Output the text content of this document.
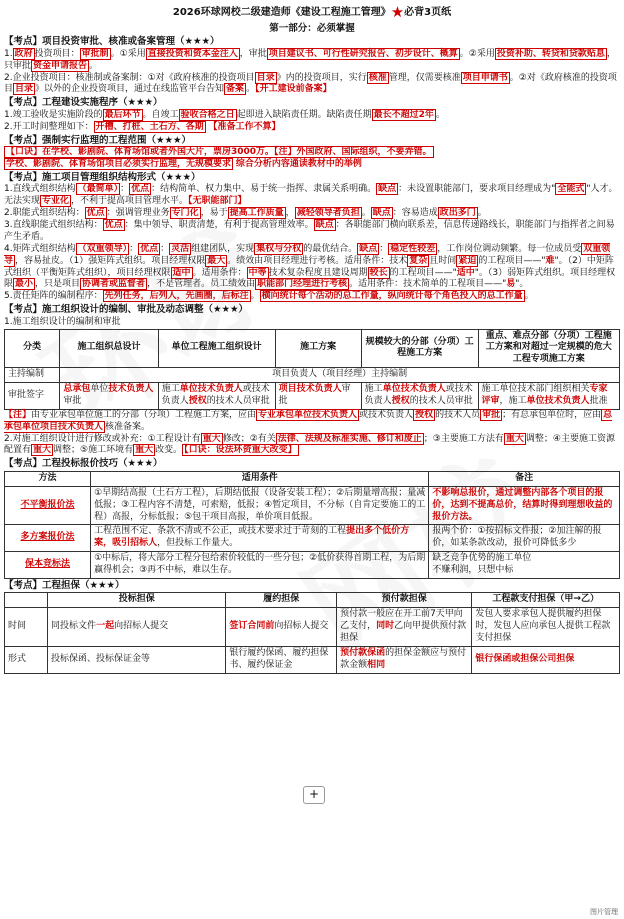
2026环球网校二级建造师《建设工程施工管理》★必背3页纸
第一部分：必须掌握
【考点】项目投资审批、核准或备案管理（★★★）

1. 政府 投资项目： 审批制 。①采用 直接投资和资本金注入 ，审批 项目建议书、可行性研究报告、初步设计、概算 。②采用 投资补助、转贷和贷款贴息 ，只审批 资金申请报告 。

2.企业投资项目：核准制或备案制：①对《政府核准的投资项目 目录 》内的投资项目，实行 核准 管理，仅需要核准 项目申请书 。②对《政府核准的投资项目 目录 》以外的企业投资项目，通过在线监管平台告知 备案 。【开工建设前备案】

【考点】工程建设实施程序（★★★）

1.竣工验收是实施阶段的 最后环节 。自竣工 验收合格之日 起即进入缺陷责任期。缺陷责任期 最长不超过2年 。

2.开工时间整理如下： 开槽、打桩、土石方、各期 【准备工作不算】

【考点】强制实行监理的工程范围（★★★）

【口诀】在学校、影剧院、体育场馆或者外国大片，票房3000万。【注】外国政府、国际组织，不要弄错。

学校、影剧院、体育场馆项目必须实行监理，无规模要求 综合分析内容通读教材中的举例

【考点】施工项目管理组织结构形式（★★★）

1.直线式组织结构 （最简单） ： 优点 ：结构简单、权力集中、易于统一指挥、隶属关系明确。 缺点 ：未设置职能部门，要求项目经理成为" 全能式 "人才。无法实现 专业化 ，不利于提高项目管理水平。【无职能部门】

2.职能式组织结构： 优点 ：强调管理业务 专门化 ，易于 提高工作质量 ， 减轻领导者负担 。 缺点 ：容易造成 政出多门 。

3.直线职能式组织结构： 优点 ：集中领导、职责清楚，有利于提高管理效率。 缺点 ：各职能部门横向联系差，信息传递路线长，职能部门与指挥者之间易产生矛盾。

4.矩阵式组织结构 （双重领导） ： 优点 ： 灵活 组建团队，实现 集权与分权 的最优结合。 缺点 ： 稳定性较差 ，工作岗位调动频繁。每一位成员受 双重领导 ，容易扯皮。（1）强矩阵式组织。项目经理权限 最大 。绩效由项目经理进行考核。适用条件：技术 复杂 且时间 紧迫 的工程项目——"难"。（2）中矩阵式组织（平衡矩阵式组织），项目经理权限 适中 。适用条件： 中等 技术复杂程度且建设周期 较长 的工程项目——"适中"。（3）弱矩阵式组织。项目经理权限 最小 ，只是项目 协调者或监督者 ，不是管理者。员工绩效由 职能部门经理进行考核 。适用条件：技术简单的工程项目——"易"。

5.责任矩阵的编制程序： 先列任务，后列人，先画圈，后标注 。 横向统计每个活动的总工作量，纵向统计每个角色投入的总工作量 。

【考点】施工组织设计的编制、审批及动态调整（★★★）

1.施工组织设计的编制和审批

分类	施工组织总设计	单位工程施工组织设计	施工方案	规模较大的分部（分项）工程施工方案	重点、难点分部（分项）工程施工方案和对超过一定规模的危大工程专项施工方案
主持编制	项目负责人（项目经理）主持编制				
审批签字	总承包单位技术负责人审批	施工单位技术负责人或技术负责人授权的技术人员审批	项目技术负责人审批	施工单位技术负责人或技术负责人授权的技术人员审批	施工单位技术部门组织相关专家评审，施工单位技术负责人批准

【注】由专业承包单位施工的分部（分项）工程施工方案，应由 专业承包单位技术负责人 或技术负责人 授权 的技术人员 审批 ；有总承包单位时，应由 总承包单位项目技术负责人 核准备案。

2.对施工组织设计进行修改或补充：①工程设计有 重大 修改；②有关 法律、法规及标准实施、修订和废止 ；③主要施工方法有 重大 调整；④主要施工资源配置有 重大 调整；⑤施工环境有 重大 改变。 【口诀：设法环资重大改变】

【考点】工程投标报价技巧（★★★）
方法	适用条件	备注
不平衡报价法	①早期结高报（土石方工程），后期结低报（设备安装工程）；②后期量增高报；量减低报；③工程内容不清楚，可索赔，低报；④暂定项目，不分标（自肯定要施工的工程）高报，分标低报；⑤包干项目高报，单价项目低报。	不影响总报价，通过调整内部各个项目的报价，达到不提高总价，结算时得到理想收益的报价方法。
多方案报价法	工程范围不定、条款不清或不公正，或技术要求过于苛刻的工程提出多个低价方案，吸引招标人，但投标工作量大。	报两个价：①按招标文件报；②加注解的报价，如某条款改动，报价可降低多少
保本竞标法	①中标后，将大部分工程分包给索价较低的一些分包；②低价获得首期工程，为后期赢得机会；③再不中标，难以生存。	缺乏竞争优势的施工单位
不赚利润，只想中标
【考点】工程担保（★★★）
	投标担保	履约担保	预付款担保	工程款支付担保（甲→乙）
时间	同投标文件一起向招标人提交	签订合同前向招标人提交	预付款一般应在开工前7天甲向乙支付，同时乙向甲提供预付款担保	发包人要求承包人提供履约担保时，发包人应向承包人提供工程款支付担保
形式	投标保函、投标保证金等	银行履约保函、履约担保书、履约保证金	预付款保函的担保金额应与预付款金额相同	银行保函或担保公司担保
+
图片管理
